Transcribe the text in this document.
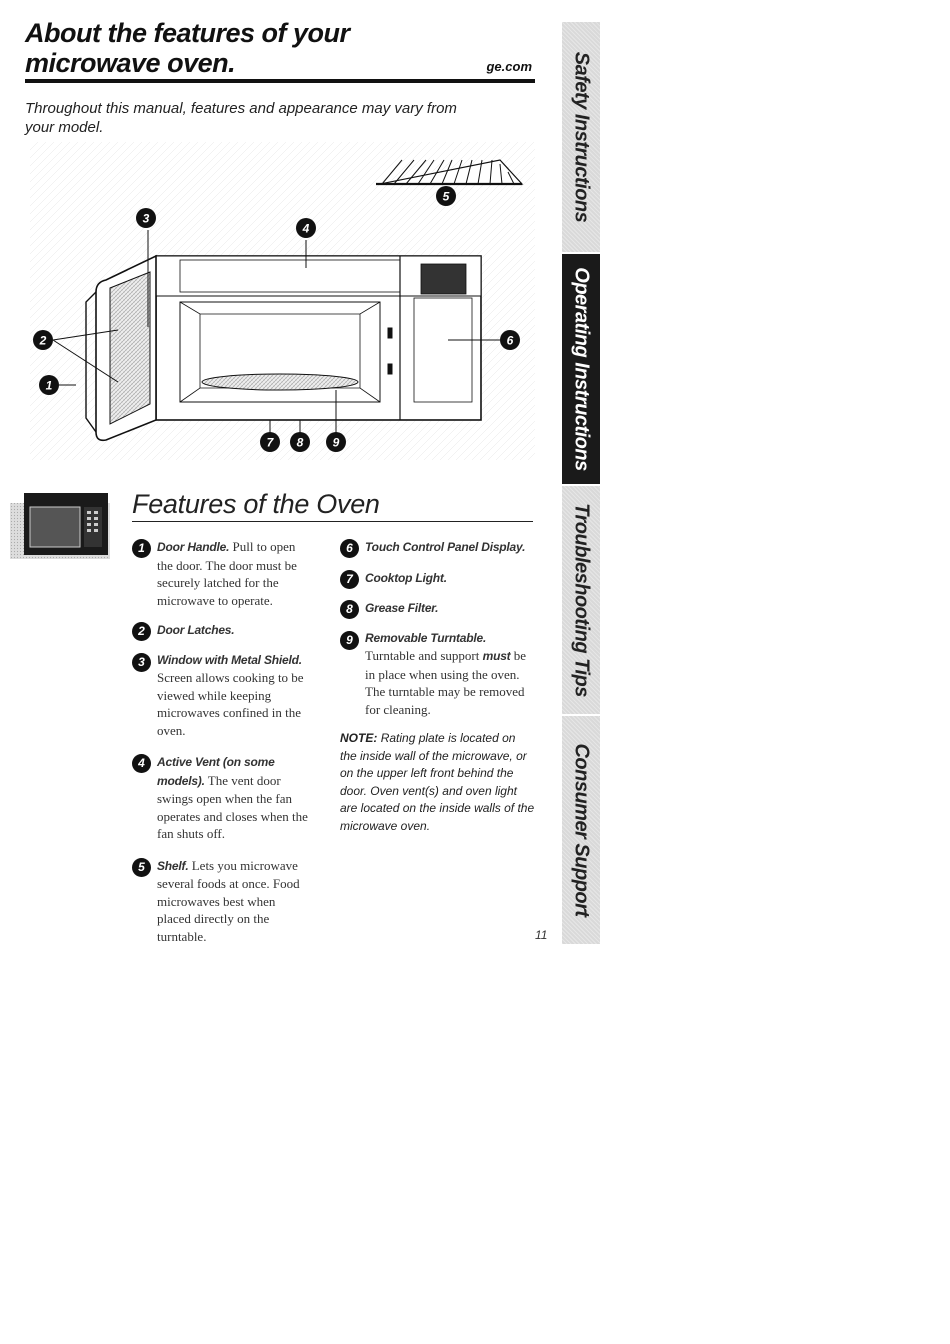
About the features of your
microwave oven.	ge.com
Throughout this manual, features and appearance may vary from your model.
3
4
5
6
2
1
7 8 9
Features of the Oven
1	Door Handle. Pull to open the door. The door must be securely latched for the microwave to operate.
2	Door Latches.
3	Window with Metal Shield.
Screen allows cooking to be viewed while keeping microwaves confined in the oven.
4	Active Vent (on some models). The vent door swings open when the fan operates and closes when the fan shuts off.
5	Shelf. Lets you microwave several foods at once. Food microwaves best when placed directly on the turntable.
6	Touch Control Panel Display.
7	Cooktop Light.
8	Grease Filter.
9	Removable Turntable.
Turntable and support must be in place when using the oven. The turntable may be removed for cleaning.
NOTE: Rating plate is located on the inside wall of the microwave, or on the upper left front behind the door. Oven vent(s) and oven light are located on the inside walls of the microwave oven.
11
Safety Instructions
Operating Instructions
Troubleshooting Tips
Consumer Support
